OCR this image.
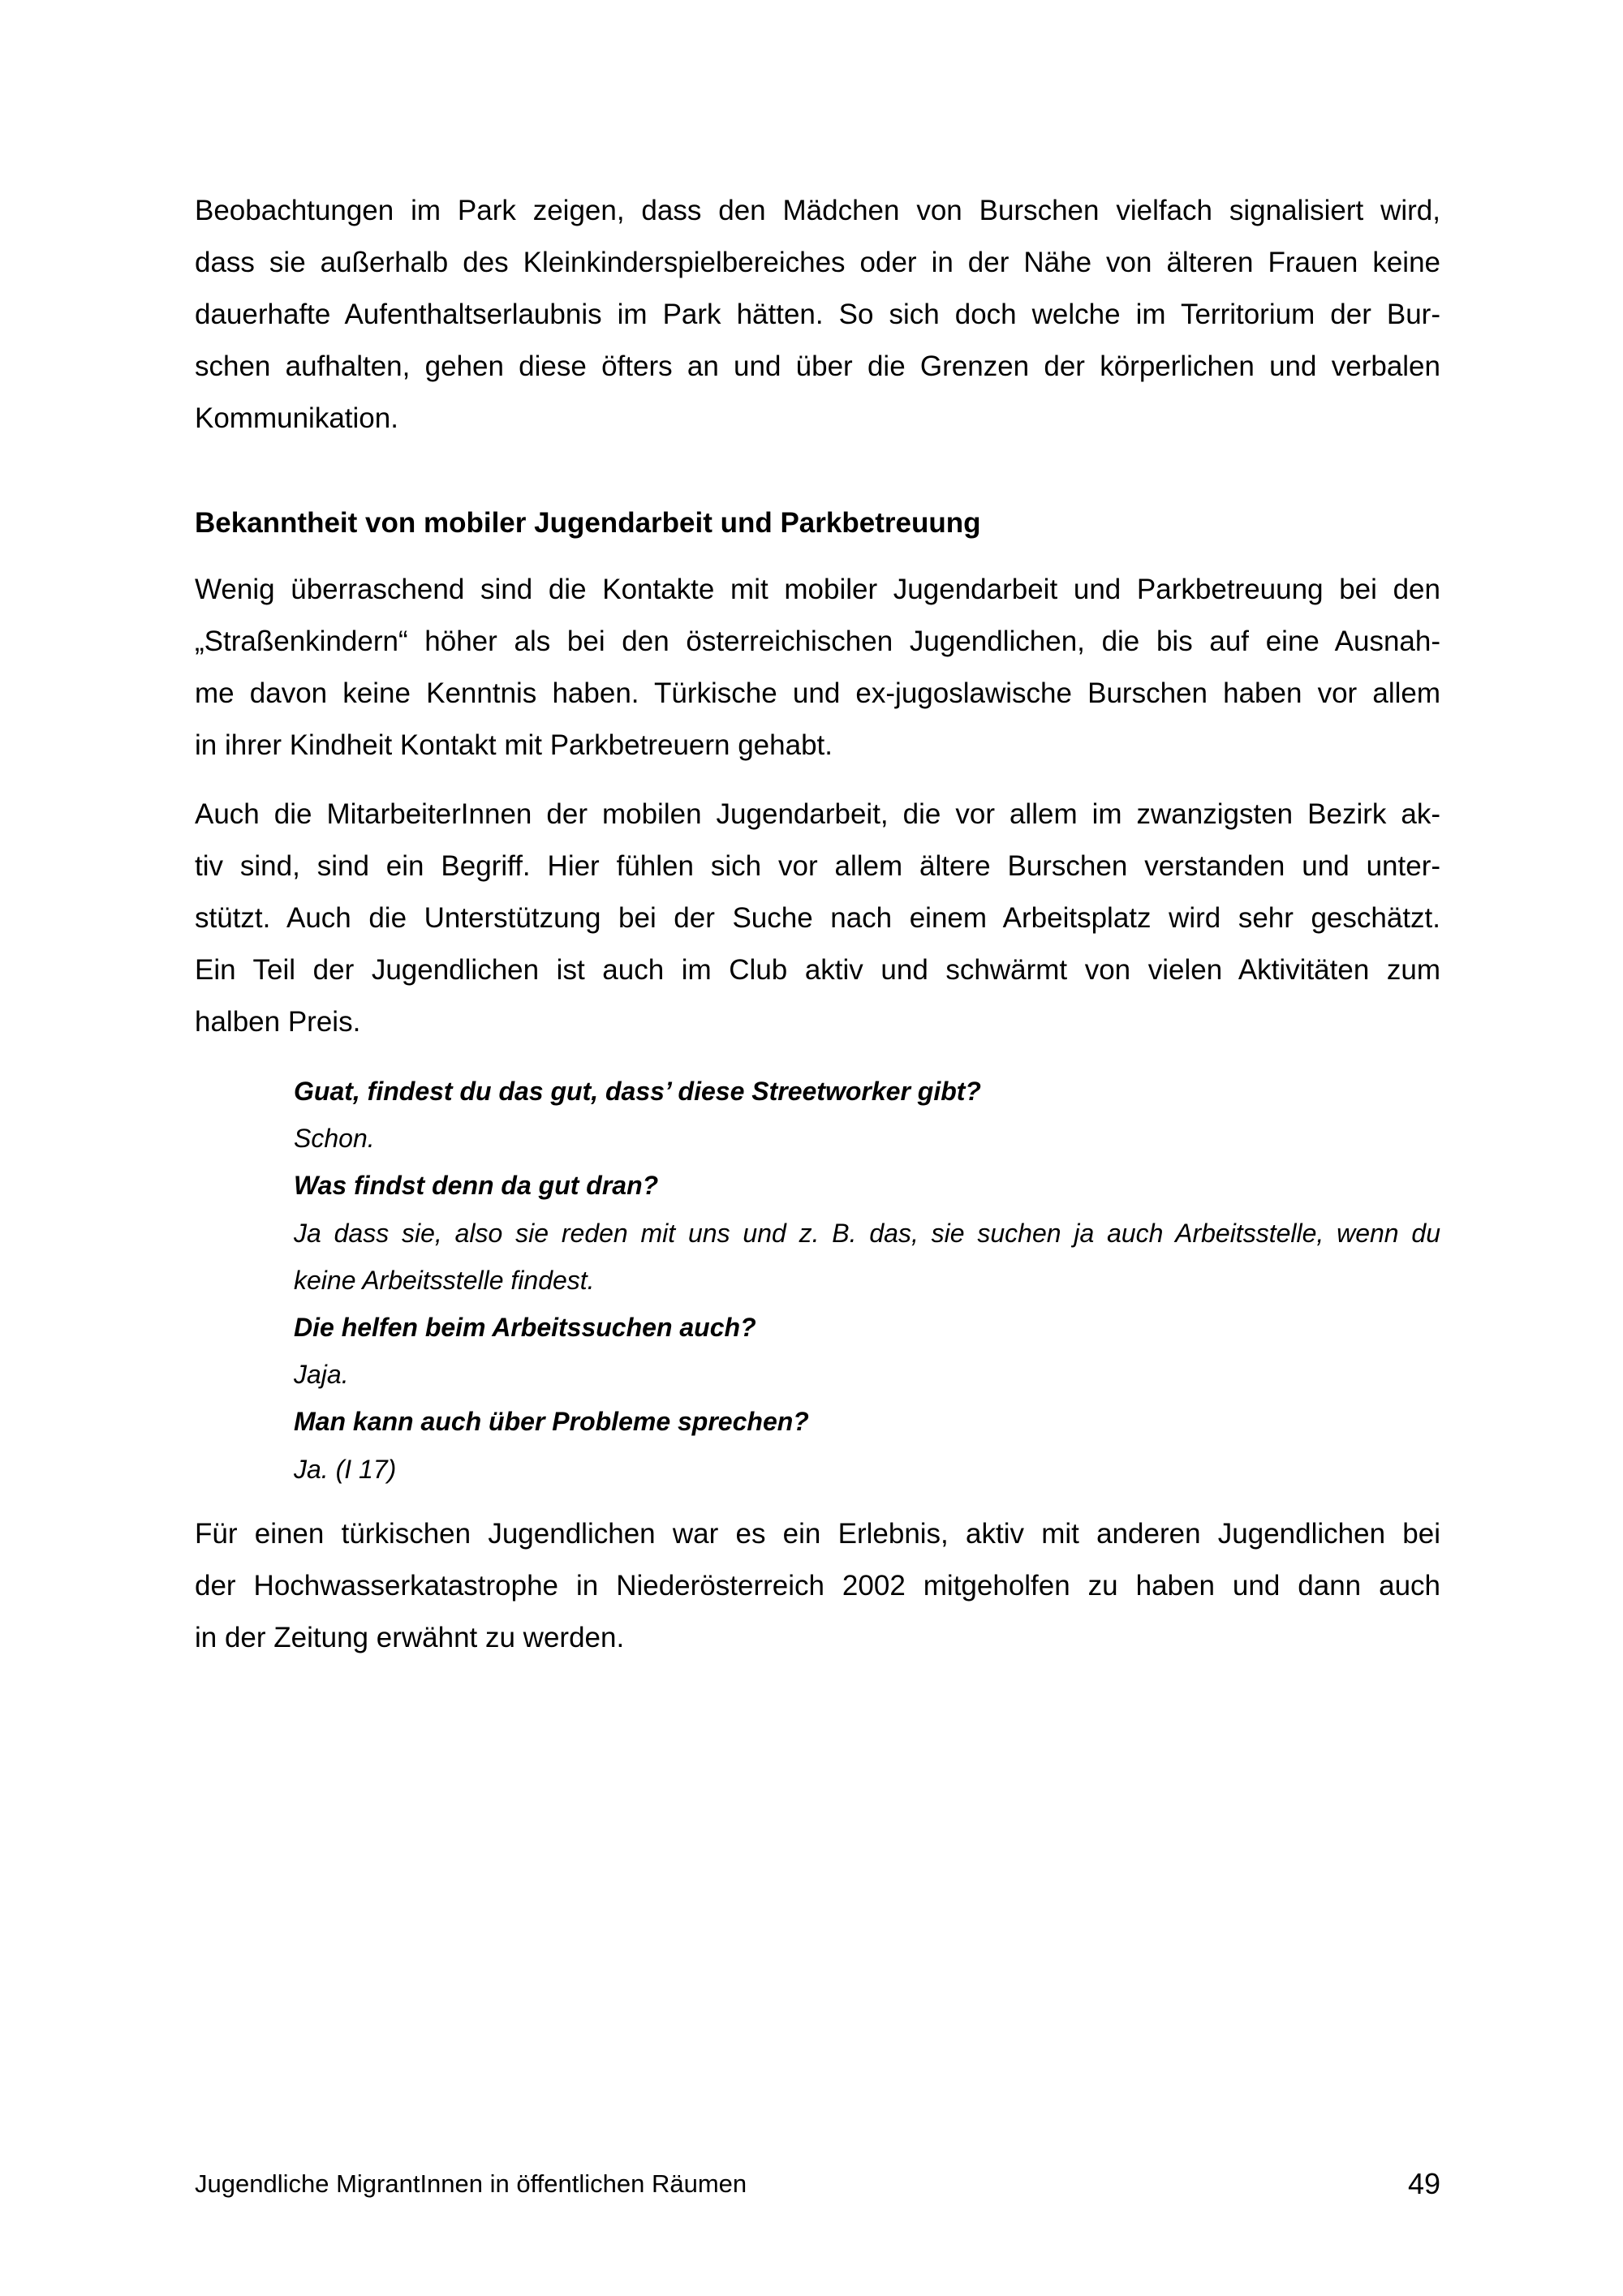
Beobachtungen im Park zeigen, dass den Mädchen von Burschen vielfach signalisiert wird,
dass sie außerhalb des Kleinkinderspielbereiches oder in der Nähe von älteren Frauen keine
dauerhafte Aufenthaltserlaubnis im Park hätten. So sich doch welche im Territorium der Bur-
schen aufhalten, gehen diese öfters an und über die Grenzen der körperlichen und verbalen
Kommunikation.
Bekanntheit von mobiler Jugendarbeit und Parkbetreuung
Wenig überraschend sind die Kontakte mit mobiler Jugendarbeit und Parkbetreuung bei den
„Straßenkindern“ höher als bei den österreichischen Jugendlichen, die bis auf eine Ausnah-
me davon keine Kenntnis haben. Türkische und ex-jugoslawische Burschen haben vor allem
in ihrer Kindheit Kontakt mit Parkbetreuern gehabt.
Auch die MitarbeiterInnen der mobilen Jugendarbeit, die vor allem im zwanzigsten Bezirk ak-
tiv sind, sind ein Begriff. Hier fühlen sich vor allem ältere Burschen verstanden und unter-
stützt. Auch die Unterstützung bei der Suche nach einem Arbeitsplatz wird sehr geschätzt.
Ein Teil der Jugendlichen ist auch im Club aktiv und schwärmt von vielen Aktivitäten zum
halben Preis.
Guat, findest du das gut, dass’ diese Streetworker gibt?
Schon.
Was findst denn da gut dran?
Ja dass sie, also sie reden mit uns und z. B. das, sie suchen ja auch Arbeitsstelle, wenn du
keine Arbeitsstelle findest.
Die helfen beim Arbeitssuchen auch?
Jaja.
Man kann auch über Probleme sprechen?
Ja. (I 17)
Für einen türkischen Jugendlichen war es ein Erlebnis, aktiv mit anderen Jugendlichen bei
der Hochwasserkatastrophe in Niederösterreich 2002 mitgeholfen zu haben und dann auch
in der Zeitung erwähnt zu werden.
Jugendliche MigrantInnen in öffentlichen Räumen	49
